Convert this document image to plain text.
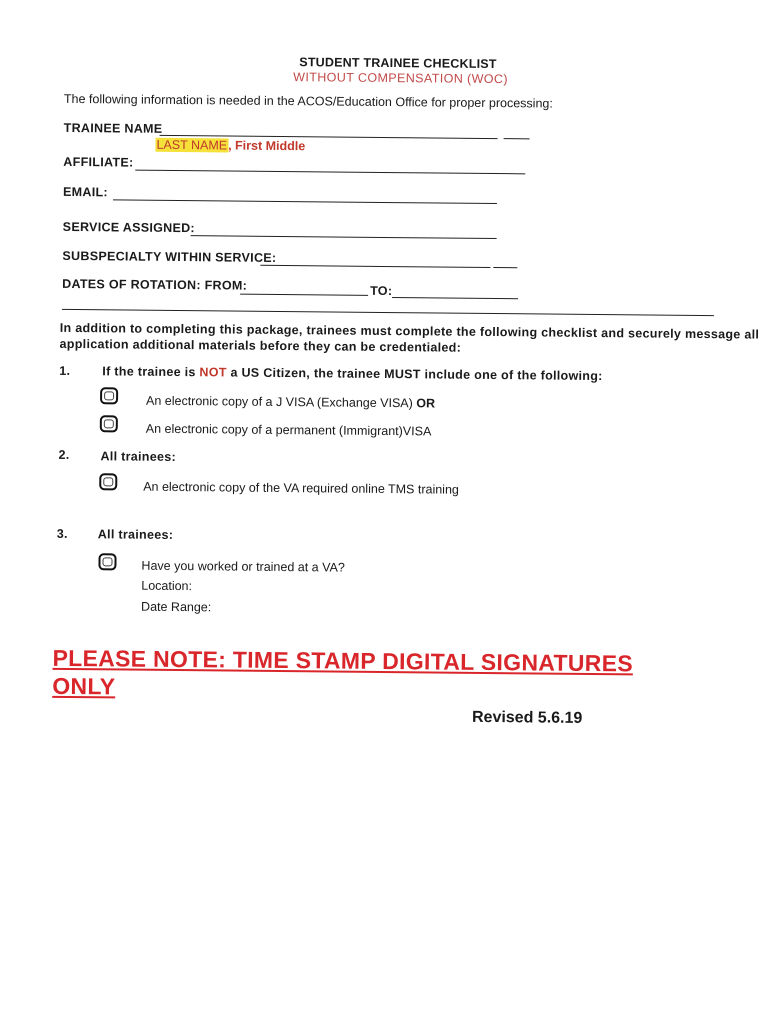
STUDENT TRAINEE CHECKLIST
WITHOUT COMPENSATION (WOC)
The following information is needed in the ACOS/Education Office for proper processing:
TRAINEE NAME
LAST NAME, First Middle
AFFILIATE:
EMAIL:
SERVICE ASSIGNED:
SUBSPECIALTY WITHIN SERVICE:
DATES OF ROTATION: FROM:	TO:
In addition to completing this package, trainees must complete the following checklist and securely message all
application additional materials before they can be credentialed:
1.	If the trainee is NOT a US Citizen, the trainee MUST include one of the following:
An electronic copy of a J VISA (Exchange VISA) OR
An electronic copy of a permanent (Immigrant)VISA
2. All trainees:
An electronic copy of the VA required online TMS training
3. All trainees:
Have you worked or trained at a VA?
Location:
Date Range:
PLEASE NOTE: TIME STAMP DIGITAL SIGNATURES
ONLY
Revised 5.6.19
